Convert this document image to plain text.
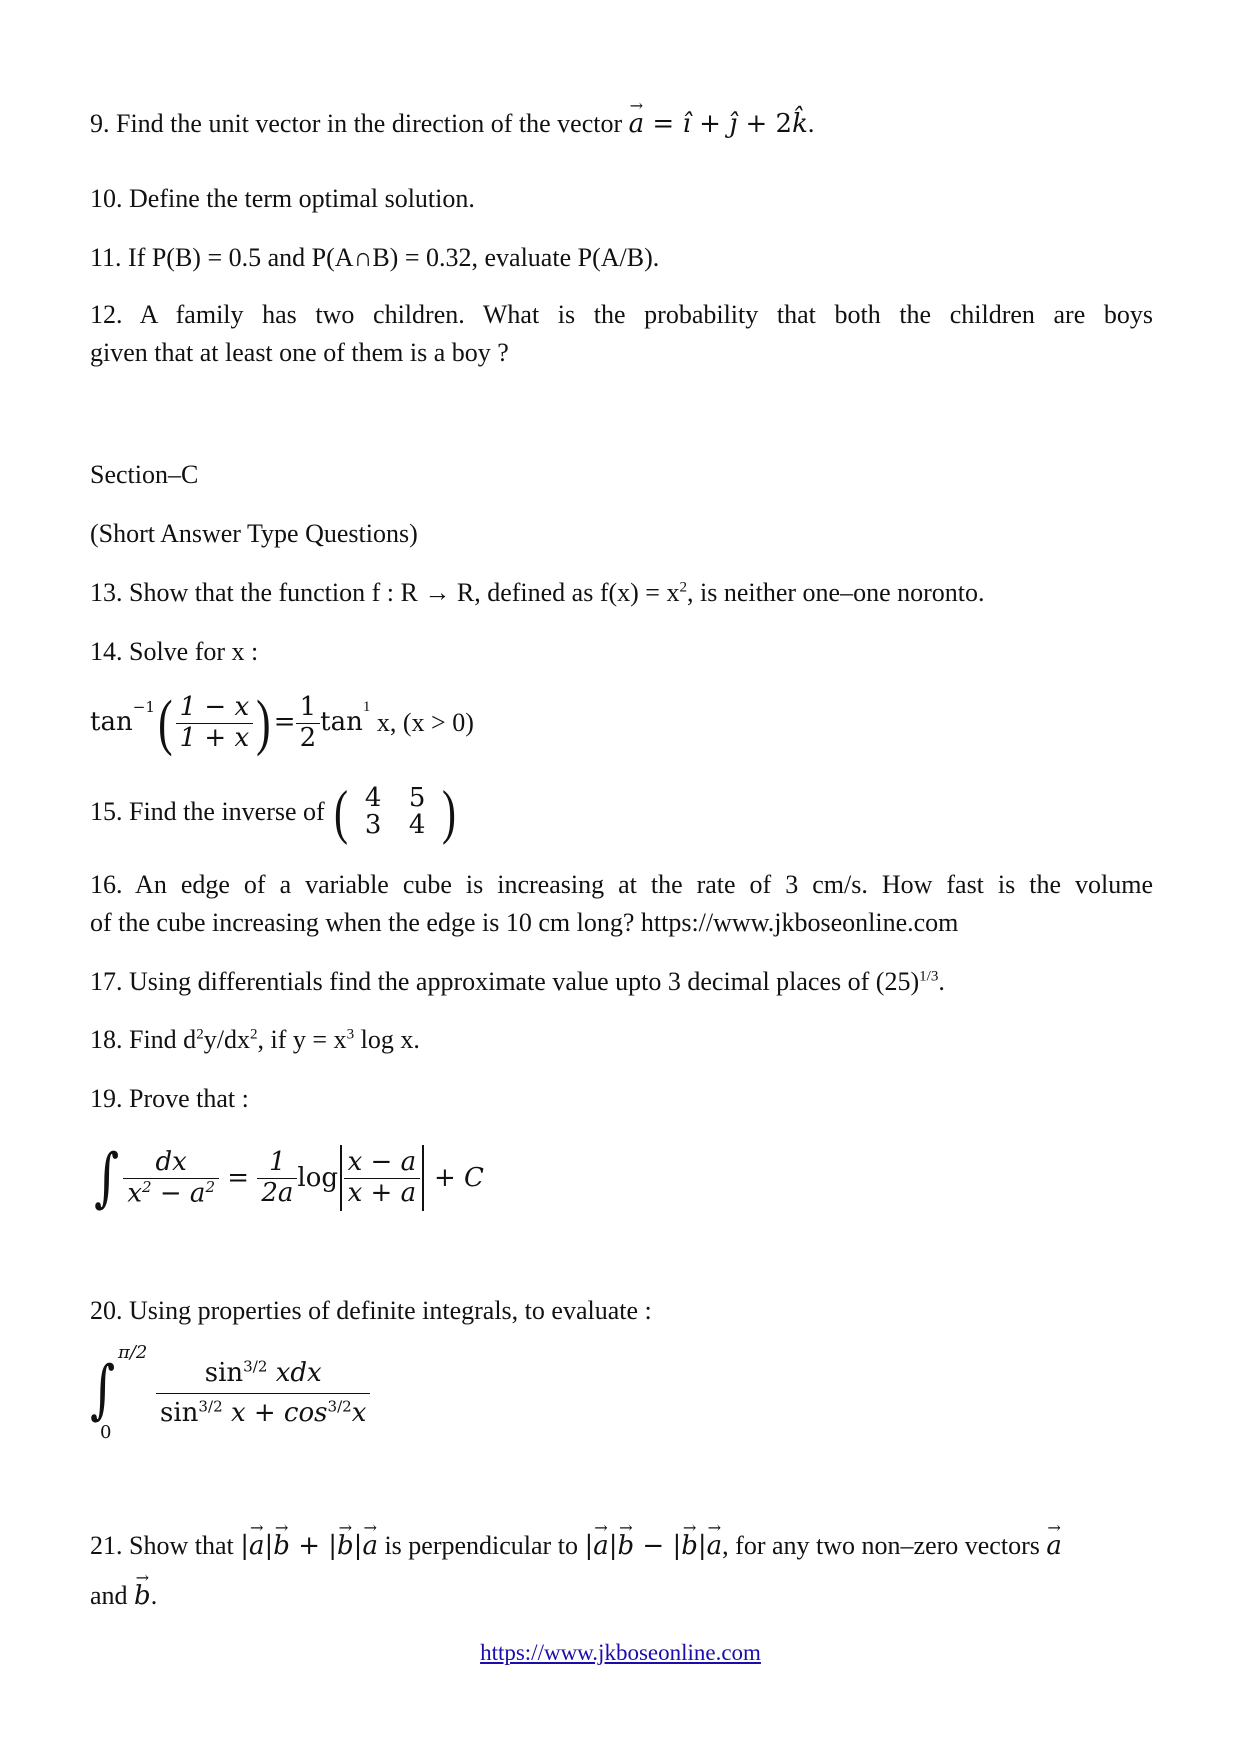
9. Find the unit vector in the direction of the vector → a = ı̂ + ȷ̂ + 2k.
10. Define the term optimal solution.
11. If P(B) = 0.5 and P(A∩B) = 0.32, evaluate P(A/B).
12. A family has two children. What is the probability that both the children are boys
given that at least one of them is a boy ?
Section–C
(Short Answer Type Questions)
13. Show that the function f : R → R, defined as $f(x) = x^2$, is neither one–one noronto.
14. Solve for x :
tan
$^{-1}$ ( $\frac{1 - x}{1 + x}$ ) = $\frac{1}{2}$ tan
$^1$
x, (x > 0)
15. Find the inverse of ( 4	5
3	4 )
16. An edge of a variable cube is increasing at the rate of 3 cm/s. How fast is the volume
of the cube increasing when the edge is 10 cm long? https://www.jkboseonline.com
17. Using differentials find the approximate value upto 3 decimal places of $(25)^{1/3}$.
18. Find $d^2y/dx^2$, if $y = x^3$ log x.
19. Prove that :
∫ $\frac{dx}{x^2 - a^2} = \frac{1}{2a}$ $\log \frac{x - a}{x + a} + C$
20. Using properties of definite integrals, to evaluate :
∫
π/2
0
$\frac{\sin^{3/2} xdx}{\sin^{3/2} x + \cos^{3/2}x}$
21. Show that |→ a|→ b + |→ b|→ a is perpendicular to |→ a|→ b − |→ b|→ a, for any two non–zero vectors → a
and → b.
https://www.jkboseonline.com
